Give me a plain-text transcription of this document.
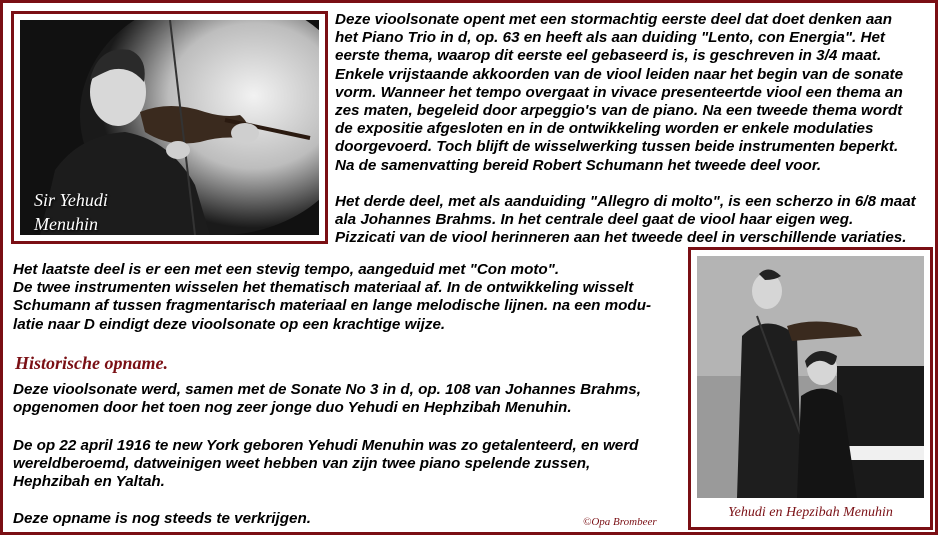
Sir Yehudi
Menuhin
Deze vioolsonate opent met een stormachtig eerste deel dat doet denken aan
het Piano Trio in d, op. 63 en heeft als aan duiding "Lento, con Energia". Het
eerste thema, waarop dit eerste eel gebaseerd is, is geschreven in 3/4 maat.
Enkele vrijstaande akkoorden van de viool leiden naar het begin van de sonate
vorm. Wanneer het tempo overgaat in vivace presenteertde viool een thema an
zes maten, begeleid door arpeggio's van de piano. Na een tweede thema wordt
de expositie afgesloten en in de ontwikkeling worden er enkele modulaties
doorgevoerd. Toch blijft de wisselwerking tussen beide instrumenten beperkt.
Na de samenvatting bereid Robert Schumann het tweede deel voor.
Het derde deel, met als aanduiding "Allegro di molto", is een scherzo in 6/8 maat
ala Johannes Brahms. In het centrale deel gaat de viool haar eigen weg.
Pizzicati van de viool herinneren aan het tweede deel in verschillende variaties.
Het laatste deel is er een met een stevig tempo, aangeduid met "Con moto".
De twee instrumenten wisselen het thematisch materiaal af. In de ontwikkeling wisselt
Schumann af tussen fragmentarisch materiaal en lange melodische lijnen. na een modu-
latie naar D eindigt deze vioolsonate op een krachtige wijze.
Historische opname.
Deze vioolsonate werd, samen met de Sonate No 3 in d, op. 108 van Johannes Brahms,
opgenomen door het toen nog zeer jonge duo Yehudi en Hephzibah Menuhin.
De op 22 april 1916 te new York geboren Yehudi Menuhin was zo getalenteerd, en werd
wereldberoemd, datweinigen weet hebben van zijn twee piano spelende zussen,
Hephzibah en Yaltah.
Deze opname is nog steeds te verkrijgen.	©Opa Brombeer
Yehudi en Hepzibah Menuhin
